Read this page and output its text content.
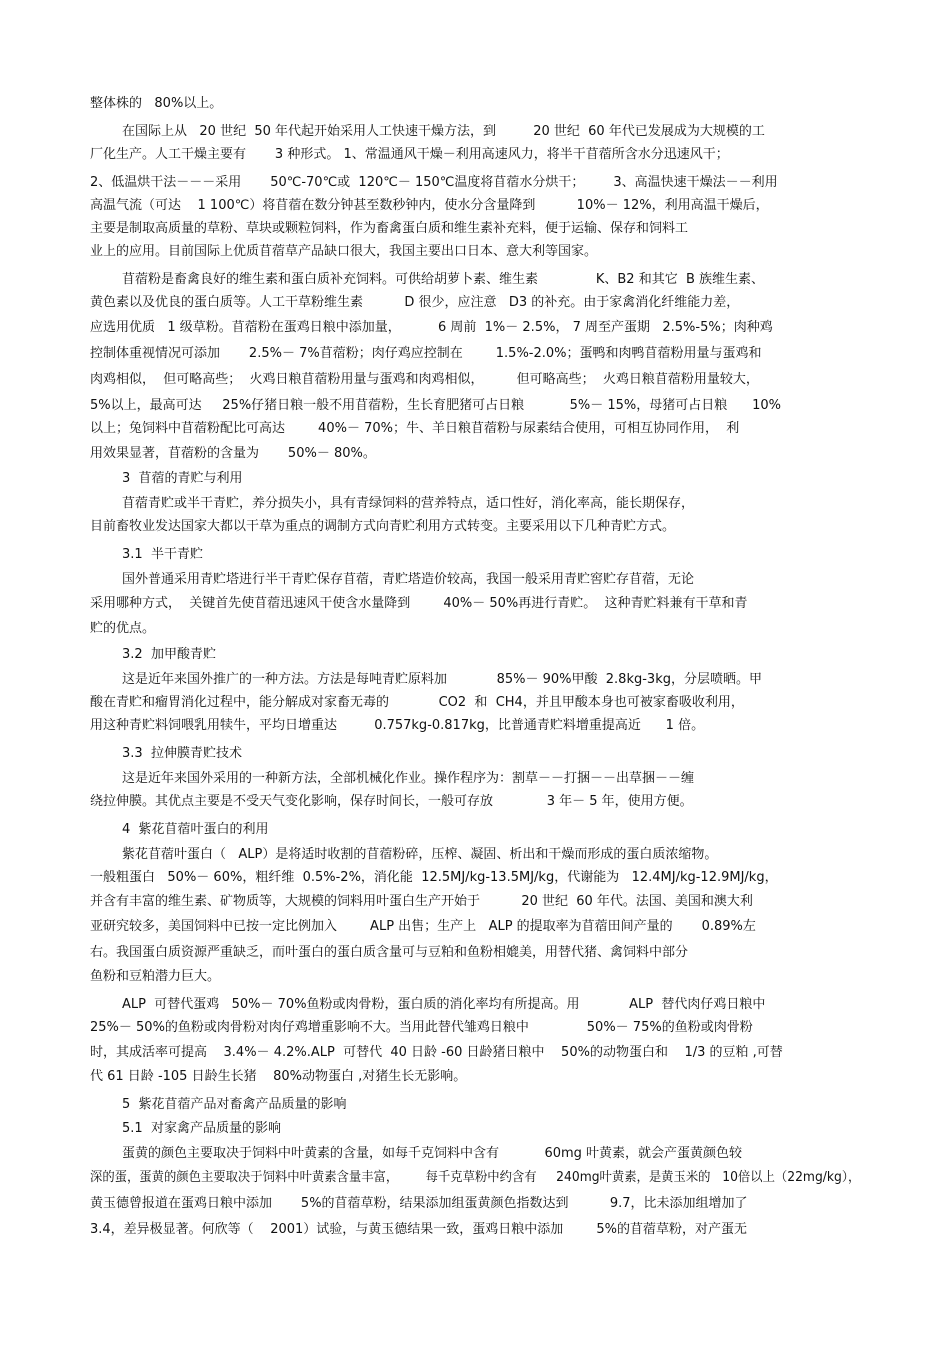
整体株的   80%以上。
在国际上从   20 世纪  50 年代起开始采用人工快速干燥方法，到         20 世纪  60 年代已发展成为大规模的工
厂化生产。人工干燥主要有       3 种形式。 1、常温通风干燥－利用高速风力，将半干苜蓿所含水分迅速风干；
2、低温烘干法－－－采用       50℃-70℃或  120℃－ 150℃温度将苜蓿水分烘干；       3、高温快速干燥法－－利用
高温气流（可达    1 100℃）将苜蓿在数分钟甚至数秒钟内，使水分含量降到          10%－ 12%，利用高温干燥后，
主要是制取高质量的草粉、草块或颗粒饲料，作为畜禽蛋白质和维生素补充料，便于运输、保存和饲料工
业上的应用。目前国际上优质苜蓿草产品缺口很大，我国主要出口日本、意大利等国家。
苜蓿粉是畜禽良好的维生素和蛋白质补充饲料。可供给胡萝卜素、维生素              K、B2 和其它  B 族维生素、
黄色素以及优良的蛋白质等。人工干草粉维生素          D 很少，应注意   D3 的补充。由于家禽消化纤维能力差，
应选用优质   1 级草粉。苜蓿粉在蛋鸡日粮中添加量，         6 周前  1%－ 2.5%， 7 周至产蛋期   2.5%-5%；肉种鸡
控制体重视情况可添加       2.5%－ 7%苜蓿粉；肉仔鸡应控制在        1.5%-2.0%；蛋鸭和肉鸭苜蓿粉用量与蛋鸡和
肉鸡相似，  但可略高些；  火鸡日粮苜蓿粉用量与蛋鸡和肉鸡相似，        但可略高些；  火鸡日粮苜蓿粉用量较大，
5%以上，最高可达     25%仔猪日粮一般不用苜蓿粉，生长育肥猪可占日粮           5%－ 15%，母猪可占日粮      10%
以上；兔饲料中苜蓿粉配比可高达        40%－ 70%；牛、羊日粮苜蓿粉与尿素结合使用，可相互协同作用，  利
用效果显著，苜蓿粉的含量为       50%－ 80%。
3  苜蓿的青贮与利用
苜蓿青贮或半干青贮，养分损失小，具有青绿饲料的营养特点，适口性好，消化率高，能长期保存，
目前畜牧业发达国家大都以干草为重点的调制方式向青贮利用方式转变。主要采用以下几种青贮方式。
3.1  半干青贮
国外普通采用青贮塔进行半干青贮保存苜蓿，青贮塔造价较高，我国一般采用青贮窖贮存苜蓿，无论
采用哪种方式，  关键首先使苜蓿迅速风干使含水量降到        40%－ 50%再进行青贮。  这种青贮料兼有干草和青
贮的优点。
3.2  加甲酸青贮
这是近年来国外推广的一种方法。方法是每吨青贮原料加            85%－ 90%甲酸  2.8kg-3kg，分层喷晒。甲
酸在青贮和瘤胃消化过程中，能分解成对家畜无毒的            CO2  和  CH4，并且甲酸本身也可被家畜吸收利用，
用这种青贮料饲喂乳用犊牛，平均日增重达         0.757kg-0.817kg，比普通青贮料增重提高近      1 倍。
3.3  拉伸膜青贮技术
这是近年来国外采用的一种新方法，全部机械化作业。操作程序为：割草－－打捆－－出草捆－－缠
绕拉伸膜。其优点主要是不受天气变化影响，保存时间长，一般可存放             3 年－ 5 年，使用方便。
4  紫花苜蓿叶蛋白的利用
紫花苜蓿叶蛋白（   ALP）是将适时收割的苜蓿粉碎，压榨、凝固、析出和干燥而形成的蛋白质浓缩物。
一般粗蛋白   50%－ 60%，粗纤维  0.5%-2%，消化能  12.5MJ/kg-13.5MJ/kg，代谢能为   12.4MJ/kg-12.9MJ/kg，
并含有丰富的维生素、矿物质等，大规模的饲料用叶蛋白生产开始于          20 世纪  60 年代。法国、美国和澳大利
亚研究较多，美国饲料中已按一定比例加入        ALP 出售；生产上   ALP 的提取率为苜蓿田间产量的       0.89%左
右。我国蛋白质资源严重缺乏，而叶蛋白的蛋白质含量可与豆粕和鱼粉相媲美，用替代猪、禽饲料中部分
鱼粉和豆粕潜力巨大。
ALP  可替代蛋鸡   50%－ 70%鱼粉或肉骨粉，蛋白质的消化率均有所提高。用            ALP  替代肉仔鸡日粮中
25%－ 50%的鱼粉或肉骨粉对肉仔鸡增重影响不大。当用此替代雏鸡日粮中              50%－ 75%的鱼粉或肉骨粉
时，其成活率可提高    3.4%－ 4.2%.ALP  可替代  40 日龄 -60 日龄猪日粮中    50%的动物蛋白和    1/3 的豆粕 ,可替
代 61 日龄 -105 日龄生长猪    80%动物蛋白 ,对猪生长无影响。
5  紫花苜蓿产品对畜禽产品质量的影响
5.1  对家禽产品质量的影响
蛋黄的颜色主要取决于饲料中叶黄素的含量，如每千克饲料中含有           60mg 叶黄素，就会产蛋黄颜色较
深的蛋，蛋黄的颜色主要取决于饲料中叶黄素含量丰富，       每千克草粉中约含有     240mg叶黄素，是黄玉米的   10倍以上（22mg/kg），
黄玉德曾报道在蛋鸡日粮中添加       5%的苜蓿草粉，结果添加组蛋黄颜色指数达到          9.7，比未添加组增加了
3.4，差异极显著。何欣等（    2001）试验，与黄玉德结果一致，蛋鸡日粮中添加        5%的苜蓿草粉，对产蛋无
